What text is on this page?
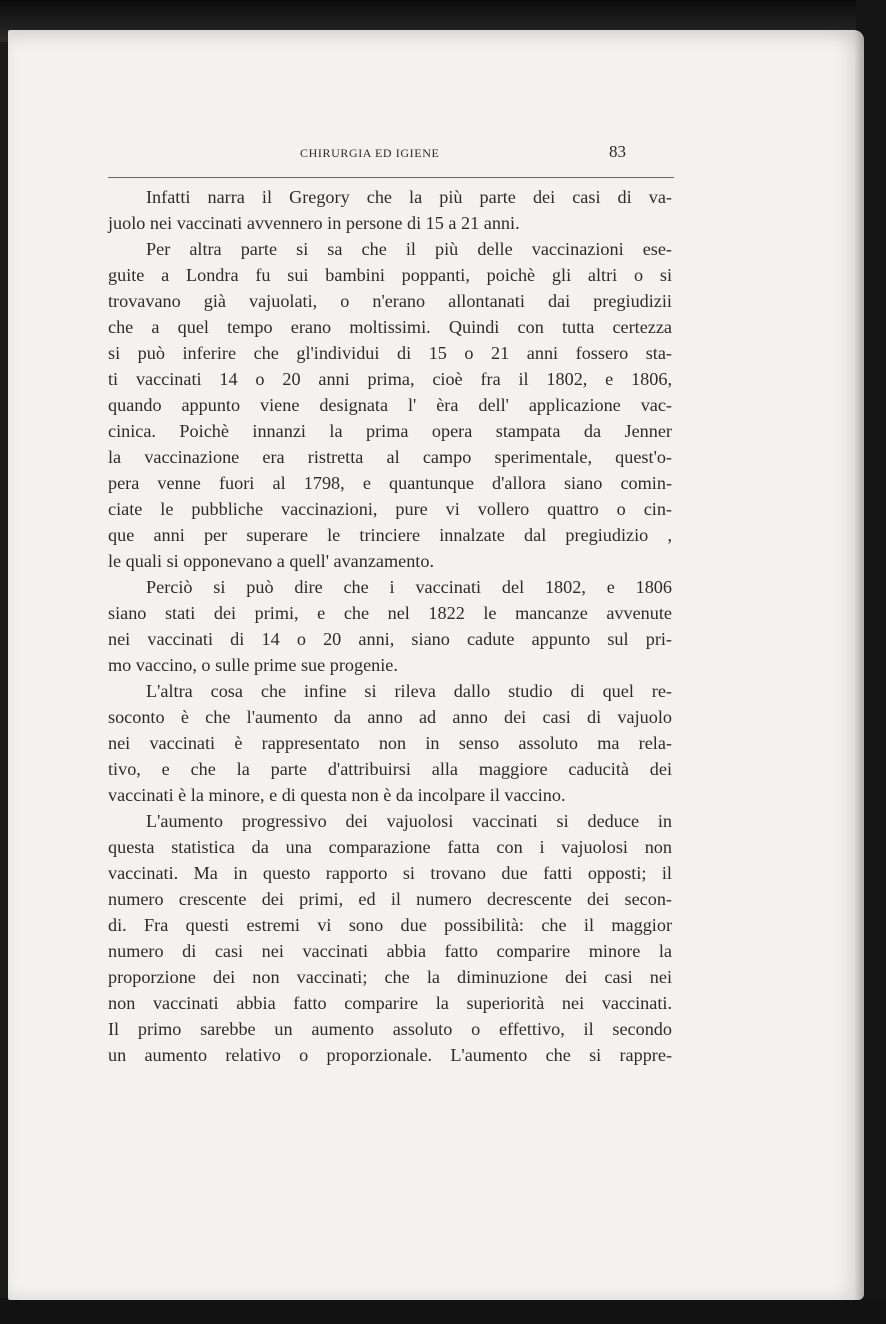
CHIRURGIA ED IGIENE	83
Infatti narra il Gregory che la più parte dei casi di va-
juolo nei vaccinati avvennero in persone di 15 a 21 anni.
Per altra parte si sa che il più delle vaccinazioni ese-
guite a Londra fu sui bambini poppanti, poichè gli altri o si
trovavano già vajuolati, o n'erano allontanati dai pregiudizii
che a quel tempo erano moltissimi. Quindi con tutta certezza
si può inferire che gl'individui di 15 o 21 anni fossero sta-
ti vaccinati 14 o 20 anni prima, cioè fra il 1802, e 1806,
quando appunto viene designata l' èra dell' applicazione vac-
cinica. Poichè innanzi la prima opera stampata da Jenner
la vaccinazione era ristretta al campo sperimentale, quest'o-
pera venne fuori al 1798, e quantunque d'allora siano comin-
ciate le pubbliche vaccinazioni, pure vi vollero quattro o cin-
que anni per superare le trinciere innalzate dal pregiudizio ,
le quali si opponevano a quell' avanzamento.
Perciò si può dire che i vaccinati del 1802, e 1806
siano stati dei primi, e che nel 1822 le mancanze avvenute
nei vaccinati di 14 o 20 anni, siano cadute appunto sul pri-
mo vaccino, o sulle prime sue progenie.
L'altra cosa che infine si rileva dallo studio di quel re-
soconto è che l'aumento da anno ad anno dei casi di vajuolo
nei vaccinati è rappresentato non in senso assoluto ma rela-
tivo, e che la parte d'attribuirsi alla maggiore caducità dei
vaccinati è la minore, e di questa non è da incolpare il vaccino.
L'aumento progressivo dei vajuolosi vaccinati si deduce in
questa statistica da una comparazione fatta con i vajuolosi non
vaccinati. Ma in questo rapporto si trovano due fatti opposti; il
numero crescente dei primi, ed il numero decrescente dei secon-
di. Fra questi estremi vi sono due possibilità: che il maggior
numero di casi nei vaccinati abbia fatto comparire minore la
proporzione dei non vaccinati; che la diminuzione dei casi nei
non vaccinati abbia fatto comparire la superiorità nei vaccinati.
Il primo sarebbe un aumento assoluto o effettivo, il secondo
un aumento relativo o proporzionale. L'aumento che si rappre-
